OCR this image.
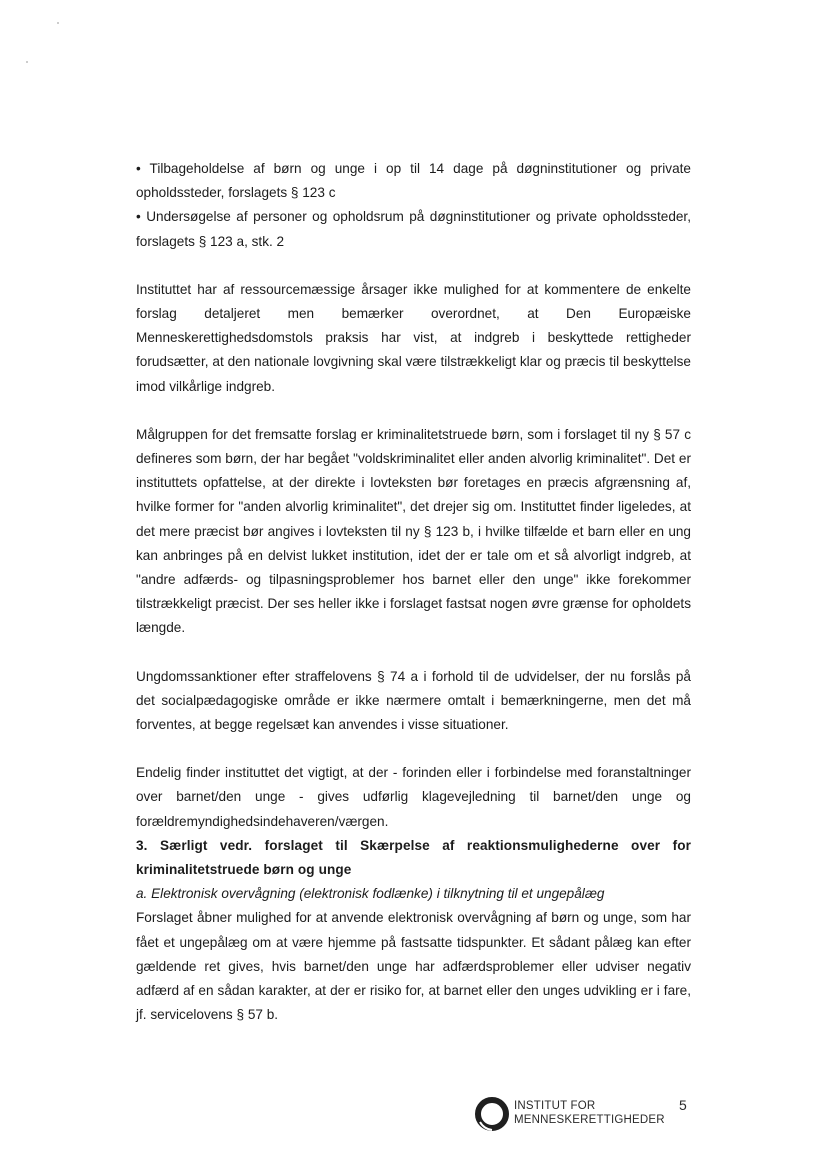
• Tilbageholdelse af børn og unge i op til 14 dage på døgninstitutioner og private opholdssteder, forslagets § 123 c

• Undersøgelse af personer og opholdsrum på døgninstitutioner og private opholdssteder, forslagets § 123 a, stk. 2

Instituttet har af ressourcemæssige årsager ikke mulighed for at kommentere de enkelte forslag detaljeret men bemærker overordnet, at Den Europæiske Menneskerettighedsdomstols praksis har vist, at indgreb i beskyttede rettigheder forudsætter, at den nationale lovgivning skal være tilstrækkeligt klar og præcis til beskyttelse imod vilkårlige indgreb.

Målgruppen for det fremsatte forslag er kriminalitetstruede børn, som i forslaget til ny § 57 c defineres som børn, der har begået "voldskriminalitet eller anden alvorlig kriminalitet". Det er instituttets opfattelse, at der direkte i lovteksten bør foretages en præcis afgrænsning af, hvilke former for "anden alvorlig kriminalitet", det drejer sig om. Instituttet finder ligeledes, at det mere præcist bør angives i lovteksten til ny § 123 b, i hvilke tilfælde et barn eller en ung kan anbringes på en delvist lukket institution, idet der er tale om et så alvorligt indgreb, at "andre adfærds- og tilpasningsproblemer hos barnet eller den unge" ikke forekommer tilstrækkeligt præcist. Der ses heller ikke i forslaget fastsat nogen øvre grænse for opholdets længde.

Ungdomssanktioner efter straffelovens § 74 a i forhold til de udvidelser, der nu forslås på det socialpædagogiske område er ikke nærmere omtalt i bemærkningerne, men det må forventes, at begge regelsæt kan anvendes i visse situationer.

Endelig finder instituttet det vigtigt, at der - forinden eller i forbindelse med foranstaltninger over barnet/den unge - gives udførlig klagevejledning til barnet/den unge og forældremyndighedsindehaveren/værgen.

3. Særligt vedr. forslaget til Skærpelse af reaktionsmulighederne over for kriminalitetstruede børn og unge

a. Elektronisk overvågning (elektronisk fodlænke) i tilknytning til et ungepålæg

Forslaget åbner mulighed for at anvende elektronisk overvågning af børn og unge, som har fået et ungepålæg om at være hjemme på fastsatte tidspunkter. Et sådant pålæg kan efter gældende ret gives, hvis barnet/den unge har adfærdsproblemer eller udviser negativ adfærd af en sådan karakter, at der er risiko for, at barnet eller den unges udvikling er i fare, jf. servicelovens § 57 b.

INSTITUT FOR
MENNESKERETTIGHEDER
5
